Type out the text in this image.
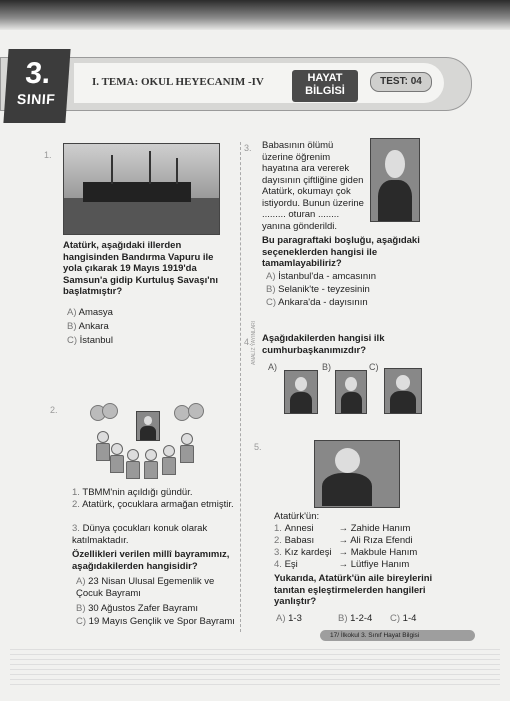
3.
SINIF
I. TEMA: OKUL HEYECANIM -IV	HAYAT
BİLGİSİ
TEST: 04
ANALİZ YAYINLARI
1.
Atatürk, aşağıdaki illerden hangisinden Bandırma Vapuru ile yola çıkarak 19 Mayıs 1919'da Samsun'a gidip Kurtuluş Savaşı'nı başlatmıştır?
A) Amasya
B) Ankara
C) İstanbul
2.
1. TBMM'nin açıldığı gündür.
2. Atatürk, çocuklara armağan etmiştir.
3. Dünya çocukları konuk olarak katılmaktadır.
Özellikleri verilen millî bayramımız, aşağıdakilerden hangisidir?
A) 23 Nisan Ulusal Egemenlik ve Çocuk Bayramı
B) 30 Ağustos Zafer Bayramı
C) 19 Mayıs Gençlik ve Spor Bayramı
3. Babasının ölümü üzerine öğrenim hayatına ara vererek dayısının çiftliğine giden Atatürk, okumayı çok istiyordu. Bunun üzerine ......... oturan ........ yanına gönderildi.
Bu paragraftaki boşluğu, aşağıdaki seçeneklerden hangisi ile tamamlayabiliriz?
A) İstanbul'da - amcasının
B) Selanik'te - teyzesinin
C) Ankara'da - dayısının
4. Aşağıdakilerden hangisi ilk cumhurbaşkanımızdır?
A)	B)	C)
5.
Atatürk'ün:
1. Annesi	→ Zahide Hanım
2. Babası	→ Ali Rıza Efendi
3. Kız kardeşi → Makbule Hanım
4. Eşi	→ Lütfiye Hanım
Yukarıda, Atatürk'ün aile bireylerini tanıtan eşleştirmelerden hangileri yanlıştır?
A) 1-3	B) 1-2-4 C) 1-4
17/ İlkokul 3. Sınıf Hayat Bilgisi
